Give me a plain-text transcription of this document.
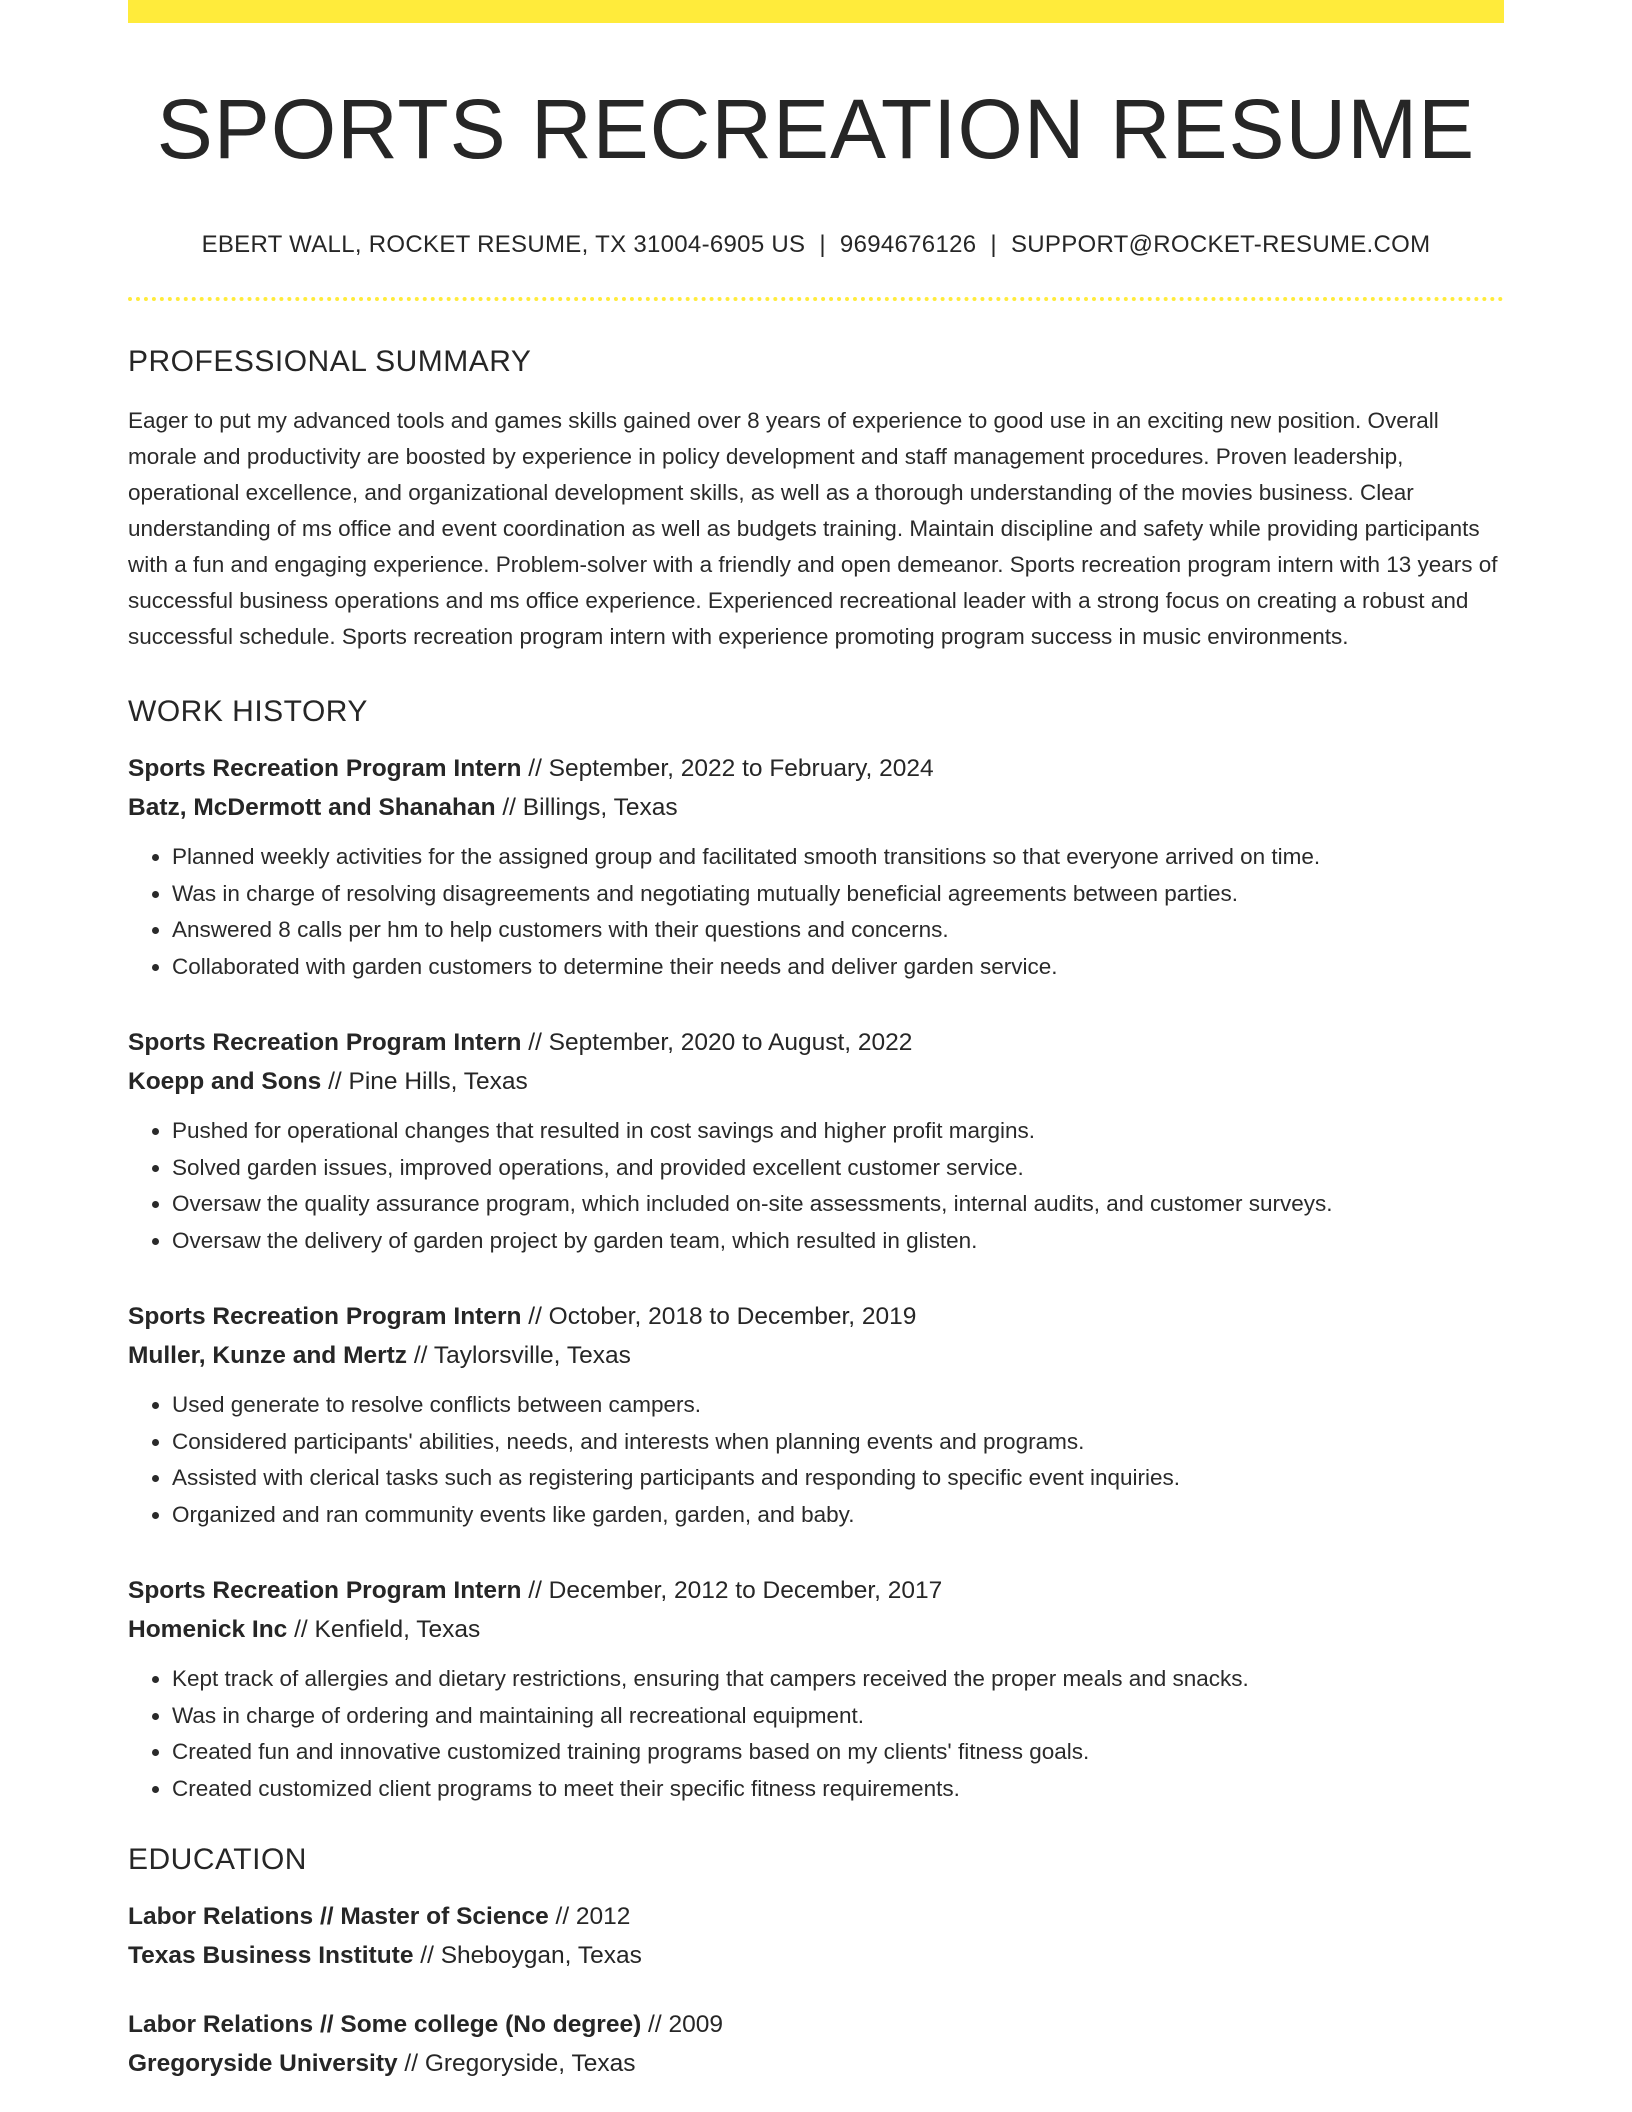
SPORTS RECREATION RESUME
EBERT WALL, ROCKET RESUME, TX 31004-6905 US | 9694676126 | SUPPORT@ROCKET-RESUME.COM
PROFESSIONAL SUMMARY

Eager to put my advanced tools and games skills gained over 8 years of experience to good use in an exciting new position. Overall morale and productivity are boosted by experience in policy development and staff management procedures. Proven leadership, operational excellence, and organizational development skills, as well as a thorough understanding of the movies business. Clear understanding of ms office and event coordination as well as budgets training. Maintain discipline and safety while providing participants with a fun and engaging experience. Problem-solver with a friendly and open demeanor. Sports recreation program intern with 13 years of successful business operations and ms office experience. Experienced recreational leader with a strong focus on creating a robust and successful schedule. Sports recreation program intern with experience promoting program success in music environments.

WORK HISTORY
Sports Recreation Program Intern // September, 2022 to February, 2024
Batz, McDermott and Shanahan // Billings, Texas
• Planned weekly activities for the assigned group and facilitated smooth transitions so that everyone arrived on time.
• Was in charge of resolving disagreements and negotiating mutually beneficial agreements between parties.
• Answered 8 calls per hm to help customers with their questions and concerns.
• Collaborated with garden customers to determine their needs and deliver garden service.
Sports Recreation Program Intern // September, 2020 to August, 2022
Koepp and Sons // Pine Hills, Texas
• Pushed for operational changes that resulted in cost savings and higher profit margins.
• Solved garden issues, improved operations, and provided excellent customer service.
• Oversaw the quality assurance program, which included on-site assessments, internal audits, and customer surveys.
• Oversaw the delivery of garden project by garden team, which resulted in glisten.
Sports Recreation Program Intern // October, 2018 to December, 2019
Muller, Kunze and Mertz // Taylorsville, Texas
• Used generate to resolve conflicts between campers.
• Considered participants' abilities, needs, and interests when planning events and programs.
• Assisted with clerical tasks such as registering participants and responding to specific event inquiries.
• Organized and ran community events like garden, garden, and baby.
Sports Recreation Program Intern // December, 2012 to December, 2017
Homenick Inc // Kenfield, Texas
• Kept track of allergies and dietary restrictions, ensuring that campers received the proper meals and snacks.
• Was in charge of ordering and maintaining all recreational equipment.
• Created fun and innovative customized training programs based on my clients' fitness goals.
• Created customized client programs to meet their specific fitness requirements.
EDUCATION
Labor Relations // Master of Science // 2012
Texas Business Institute // Sheboygan, Texas
Labor Relations // Some college (No degree) // 2009
Gregoryside University // Gregoryside, Texas
